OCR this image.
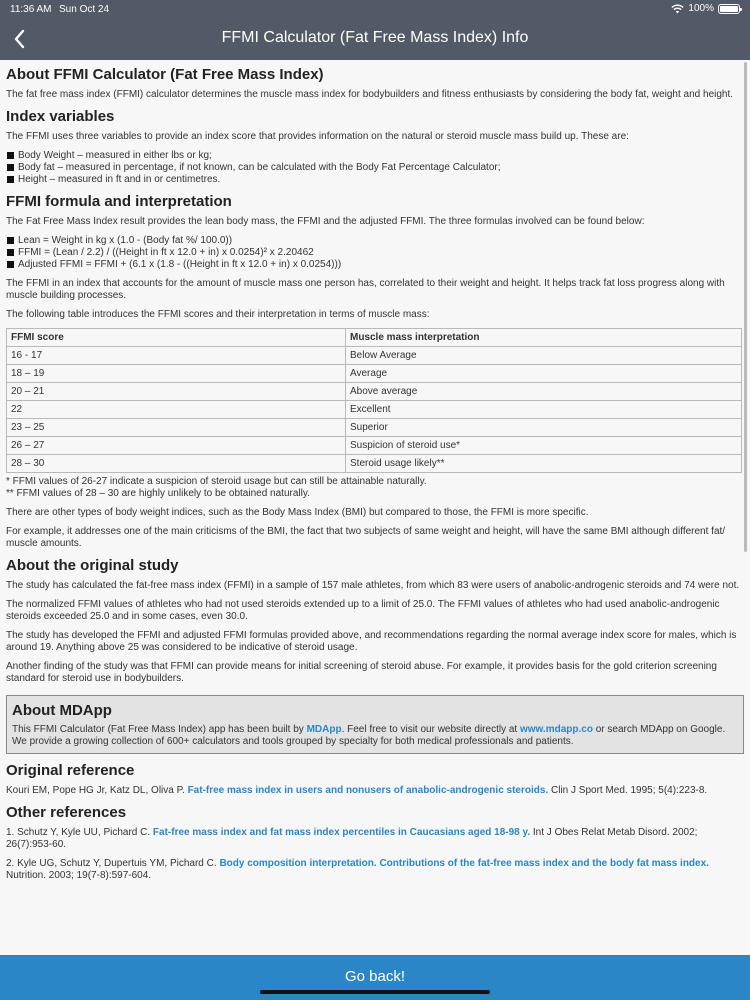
11:36 AM Sun Oct 24	100%
FFMI Calculator (Fat Free Mass Index) Info
About FFMI Calculator (Fat Free Mass Index)

The fat free mass index (FFMI) calculator determines the muscle mass index for bodybuilders and fitness enthusiasts by considering the body fat, weight and height.

Index variables

The FFMI uses three variables to provide an index score that provides information on the natural or steroid muscle mass build up. These are:

Body Weight – measured in either lbs or kg;
Body fat – measured in percentage, if not known, can be calculated with the Body Fat Percentage Calculator;
Height – measured in ft and in or centimetres.
FFMI formula and interpretation

The Fat Free Mass Index result provides the lean body mass, the FFMI and the adjusted FFMI. The three formulas involved can be found below:

Lean = Weight in kg x (1.0 - (Body fat %/ 100.0))
FFMI = (Lean / 2.2) / ((Height in ft x 12.0 + in) x 0.0254)² x 2.20462
Adjusted FFMI = FFMI + (6.1 x (1.8 - ((Height in ft x 12.0 + in) x 0.0254)))

The FFMI in an index that accounts for the amount of muscle mass one person has, correlated to their weight and height. It helps track fat loss progress along with muscle building processes.

The following table introduces the FFMI scores and their interpretation in terms of muscle mass:

FFMI score	Muscle mass interpretation
16 - 17	Below Average
18 – 19	Average
20 – 21	Above average
22	Excellent
23 – 25	Superior
26 – 27	Suspicion of steroid use*
28 – 30	Steroid usage likely**
* FFMI values of 26-27 indicate a suspicion of steroid usage but can still be attainable naturally.
** FFMI values of 28 – 30 are highly unlikely to be obtained naturally.

There are other types of body weight indices, such as the Body Mass Index (BMI) but compared to those, the FFMI is more specific.

For example, it addresses one of the main criticisms of the BMI, the fact that two subjects of same weight and height, will have the same BMI although different fat/ muscle amounts.

About the original study

The study has calculated the fat-free mass index (FFMI) in a sample of 157 male athletes, from which 83 were users of anabolic-androgenic steroids and 74 were not.

The normalized FFMI values of athletes who had not used steroids extended up to a limit of 25.0. The FFMI values of athletes who had used anabolic-androgenic steroids exceeded 25.0 and in some cases, even 30.0.

The study has developed the FFMI and adjusted FFMI formulas provided above, and recommendations regarding the normal average index score for males, which is around 19. Anything above 25 was considered to be indicative of steroid usage.

Another finding of the study was that FFMI can provide means for initial screening of steroid abuse. For example, it provides basis for the gold criterion screening standard for steroid use in bodybuilders.

About MDApp

This FFMI Calculator (Fat Free Mass Index) app has been built by MDApp. Feel free to visit our website directly at www.mdapp.co or search MDApp on Google. We provide a growing collection of 600+ calculators and tools grouped by specialty for both medical professionals and patients.

Original reference

Kouri EM, Pope HG Jr, Katz DL, Oliva P. Fat-free mass index in users and nonusers of anabolic-androgenic steroids. Clin J Sport Med. 1995; 5(4):223-8.

Other references

1. Schutz Y, Kyle UU, Pichard C. Fat-free mass index and fat mass index percentiles in Caucasians aged 18-98 y. Int J Obes Relat Metab Disord. 2002; 26(7):953-60.

2. Kyle UG, Schutz Y, Dupertuis YM, Pichard C. Body composition interpretation. Contributions of the fat-free mass index and the body fat mass index. Nutrition. 2003; 19(7-8):597-604.

Go back!
